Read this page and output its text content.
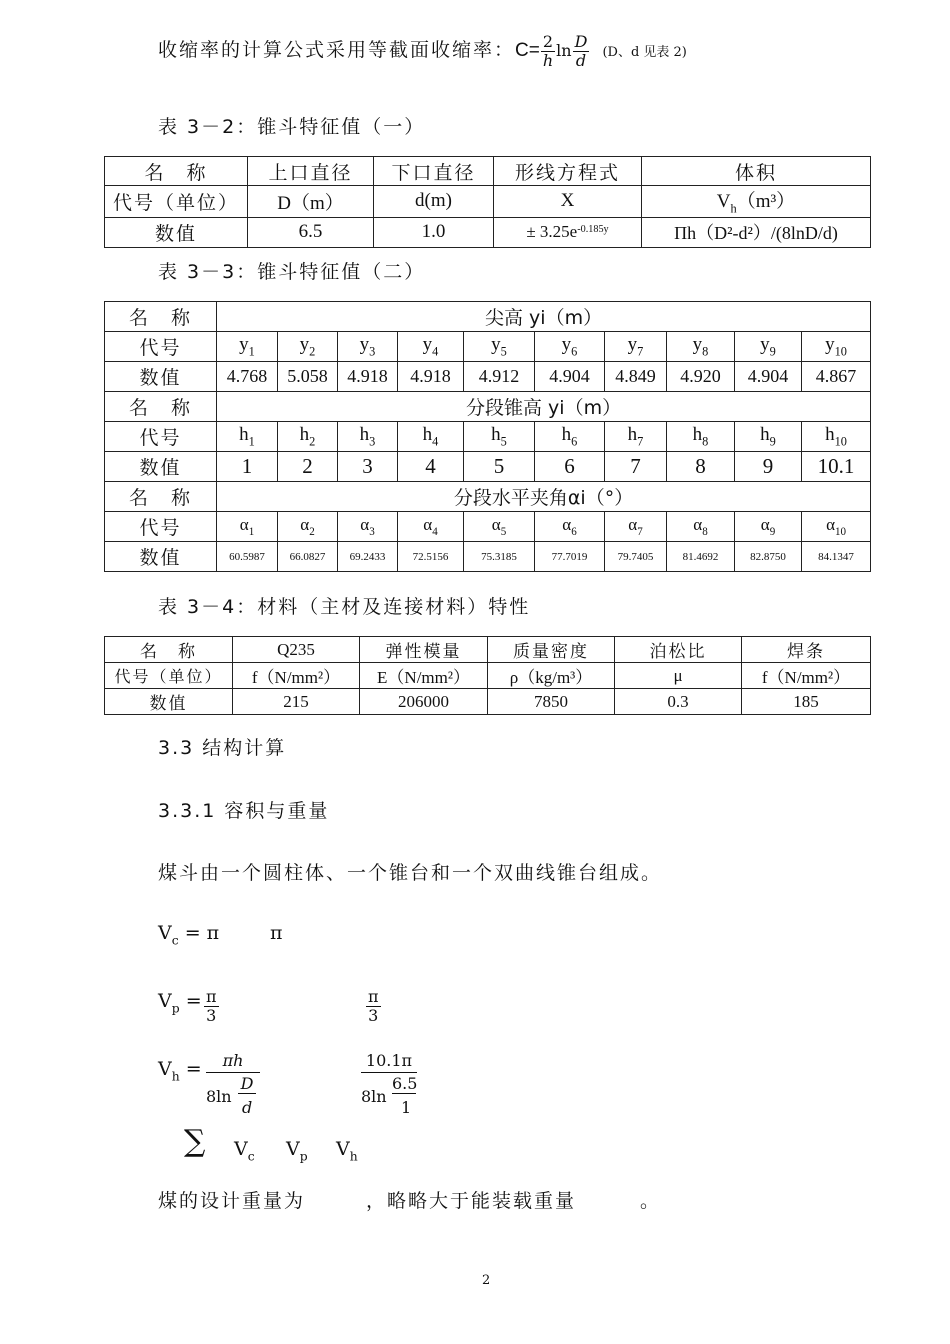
收缩率的计算公式采用等截面收缩率：$C= \frac{2}{h}$ $\ln \frac{D}{d} (D$、d 见表 2)
表 3－2：锥斗特征值（一）
名　称	上口直径	下口直径	形线方程式	体积
代号（单位）	D（m）	d(m)	X	$V_h(m^3)$
数值	6.5	1.0	± $3.25e^{-0.185y}$	Πh（D²-d²）/(8lnD/d)
表 3－3：锥斗特征值（二）
名　称	尖高 yi（m）									
代号	$y_1$	$y_2$	$y_3$	$y_4$	$y_5$	$y_6$	$y_7$	$y_8$	$y_9$	$y_{10}$
数值	4.768	5.058	4.918	4.918	4.912	4.904	4.849	4.920	4.904	4.867
名　称	分段锥高 yi（m）									
代号	$h_1$	$h_2$	$h_3$	$h_4$	$h_5$	$h_6$	$h_7$	$h_8$	$h_9$	$h_{10}$
数值	1	2	3	4	5	6	7	8	9	10.1
名　称	分段水平夹角αi（°）									
代号	$\alpha_1$	$\alpha_2$	$\alpha_3$	$\alpha_4$	$\alpha_5$	$\alpha_6$	$\alpha_7$	$\alpha_8$	$\alpha_9$	$\alpha_{10}$
数值	60.5987	66.0827	69.2433	72.5156	75.3185	77.7019	79.7405	81.4692	82.8750	84.1347
表 3－4：材料（主材及连接材料）特性
名　称	Q235	弹性模量	质量密度	泊松比	焊条
代号（单位）	f（N/mm²）	E（N/mm²）	ρ（kg/m³）	μ	f（N/mm²）
数值	215	206000	7850	0.3	185
3.3 结构计算
3.3.1 容积与重量
煤斗由一个圆柱体、一个锥台和一个双曲线锥台组成。
$V_c = \pi$	π
$V_p = \frac{\pi}{3}$	$\frac{\pi}{3}$
$V_h$ =	πh
8ln
D
d
10.1π
8ln
6.5
1
∑ $V_c$ $V_p$ $V_h$
煤的设计重量为	，略略大于能装载重量	。
2
